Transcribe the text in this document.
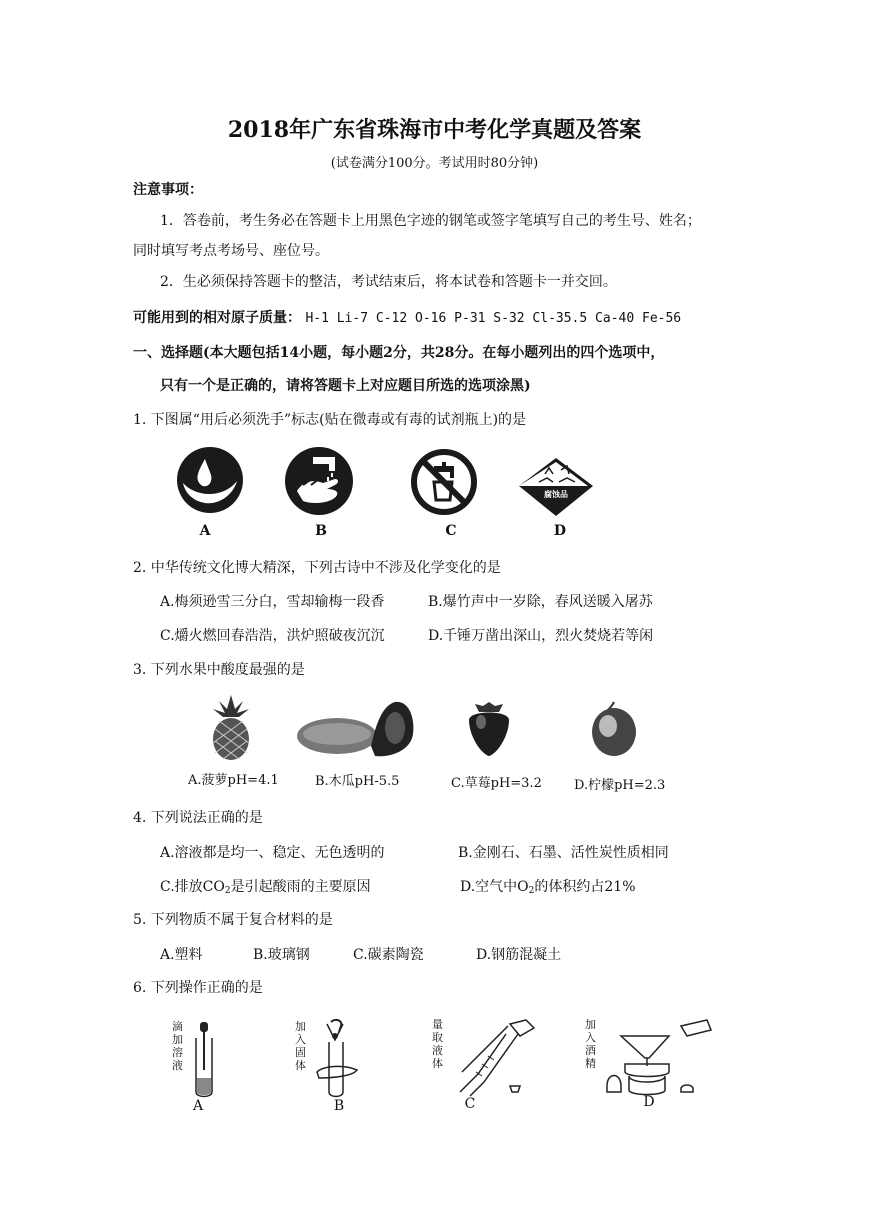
2018年广东省珠海市中考化学真题及答案
(试卷满分100分。考试用时80分钟)
注意事项：
1．答卷前，考生务必在答题卡上用黑色字迹的钢笔或签字笔填写自己的考生号、姓名；
同时填写考点考场号、座位号。
2．生必须保持答题卡的整洁，考试结束后，将本试卷和答题卡一并交回。
可能用到的相对原子质量： H-1 Li-7 C-12 O-16 P-31 S-32 Cl-35.5 Ca-40 Fe-56
一、选择题(本大题包括14小题，每小题2分，共28分。在每小题列出的四个选项中，
只有一个是正确的，请将答题卡上对应题目所选的选项涂黑)
1. 下图属“用后必须洗手”标志(贴在微毒或有毒的试剂瓶上)的是
A	B	C
腐蚀品
D
2. 中华传统文化博大精深，下列古诗中不涉及化学变化的是
A.梅须逊雪三分白，雪却输梅一段香	B.爆竹声中一岁除，春风送暖入屠苏
C.爝火燃回春浩浩，洪炉照破夜沉沉	D.千锤万凿出深山，烈火焚烧若等闲
3. 下列水果中酸度最强的是
A.菠萝pH=4.1	B.木瓜pH-5.5	C.草莓pH=3.2 D.柠檬pH=2.3
4. 下列说法正确的是
A.溶液都是均一、稳定、无色透明的	B.金刚石、石墨、活性炭性质相同
C.排放$CO_2$是引起酸雨的主要原因	D.空气中$O_2$的体积约占21%
5. 下列物质不属于复合材料的是
A.塑料	B.玻璃钢	C.碳素陶瓷	D.钢筋混凝土
6. 下列操作正确的是
滴加溶液
A
加入固体
B
量取液体
C
加入酒精
D
